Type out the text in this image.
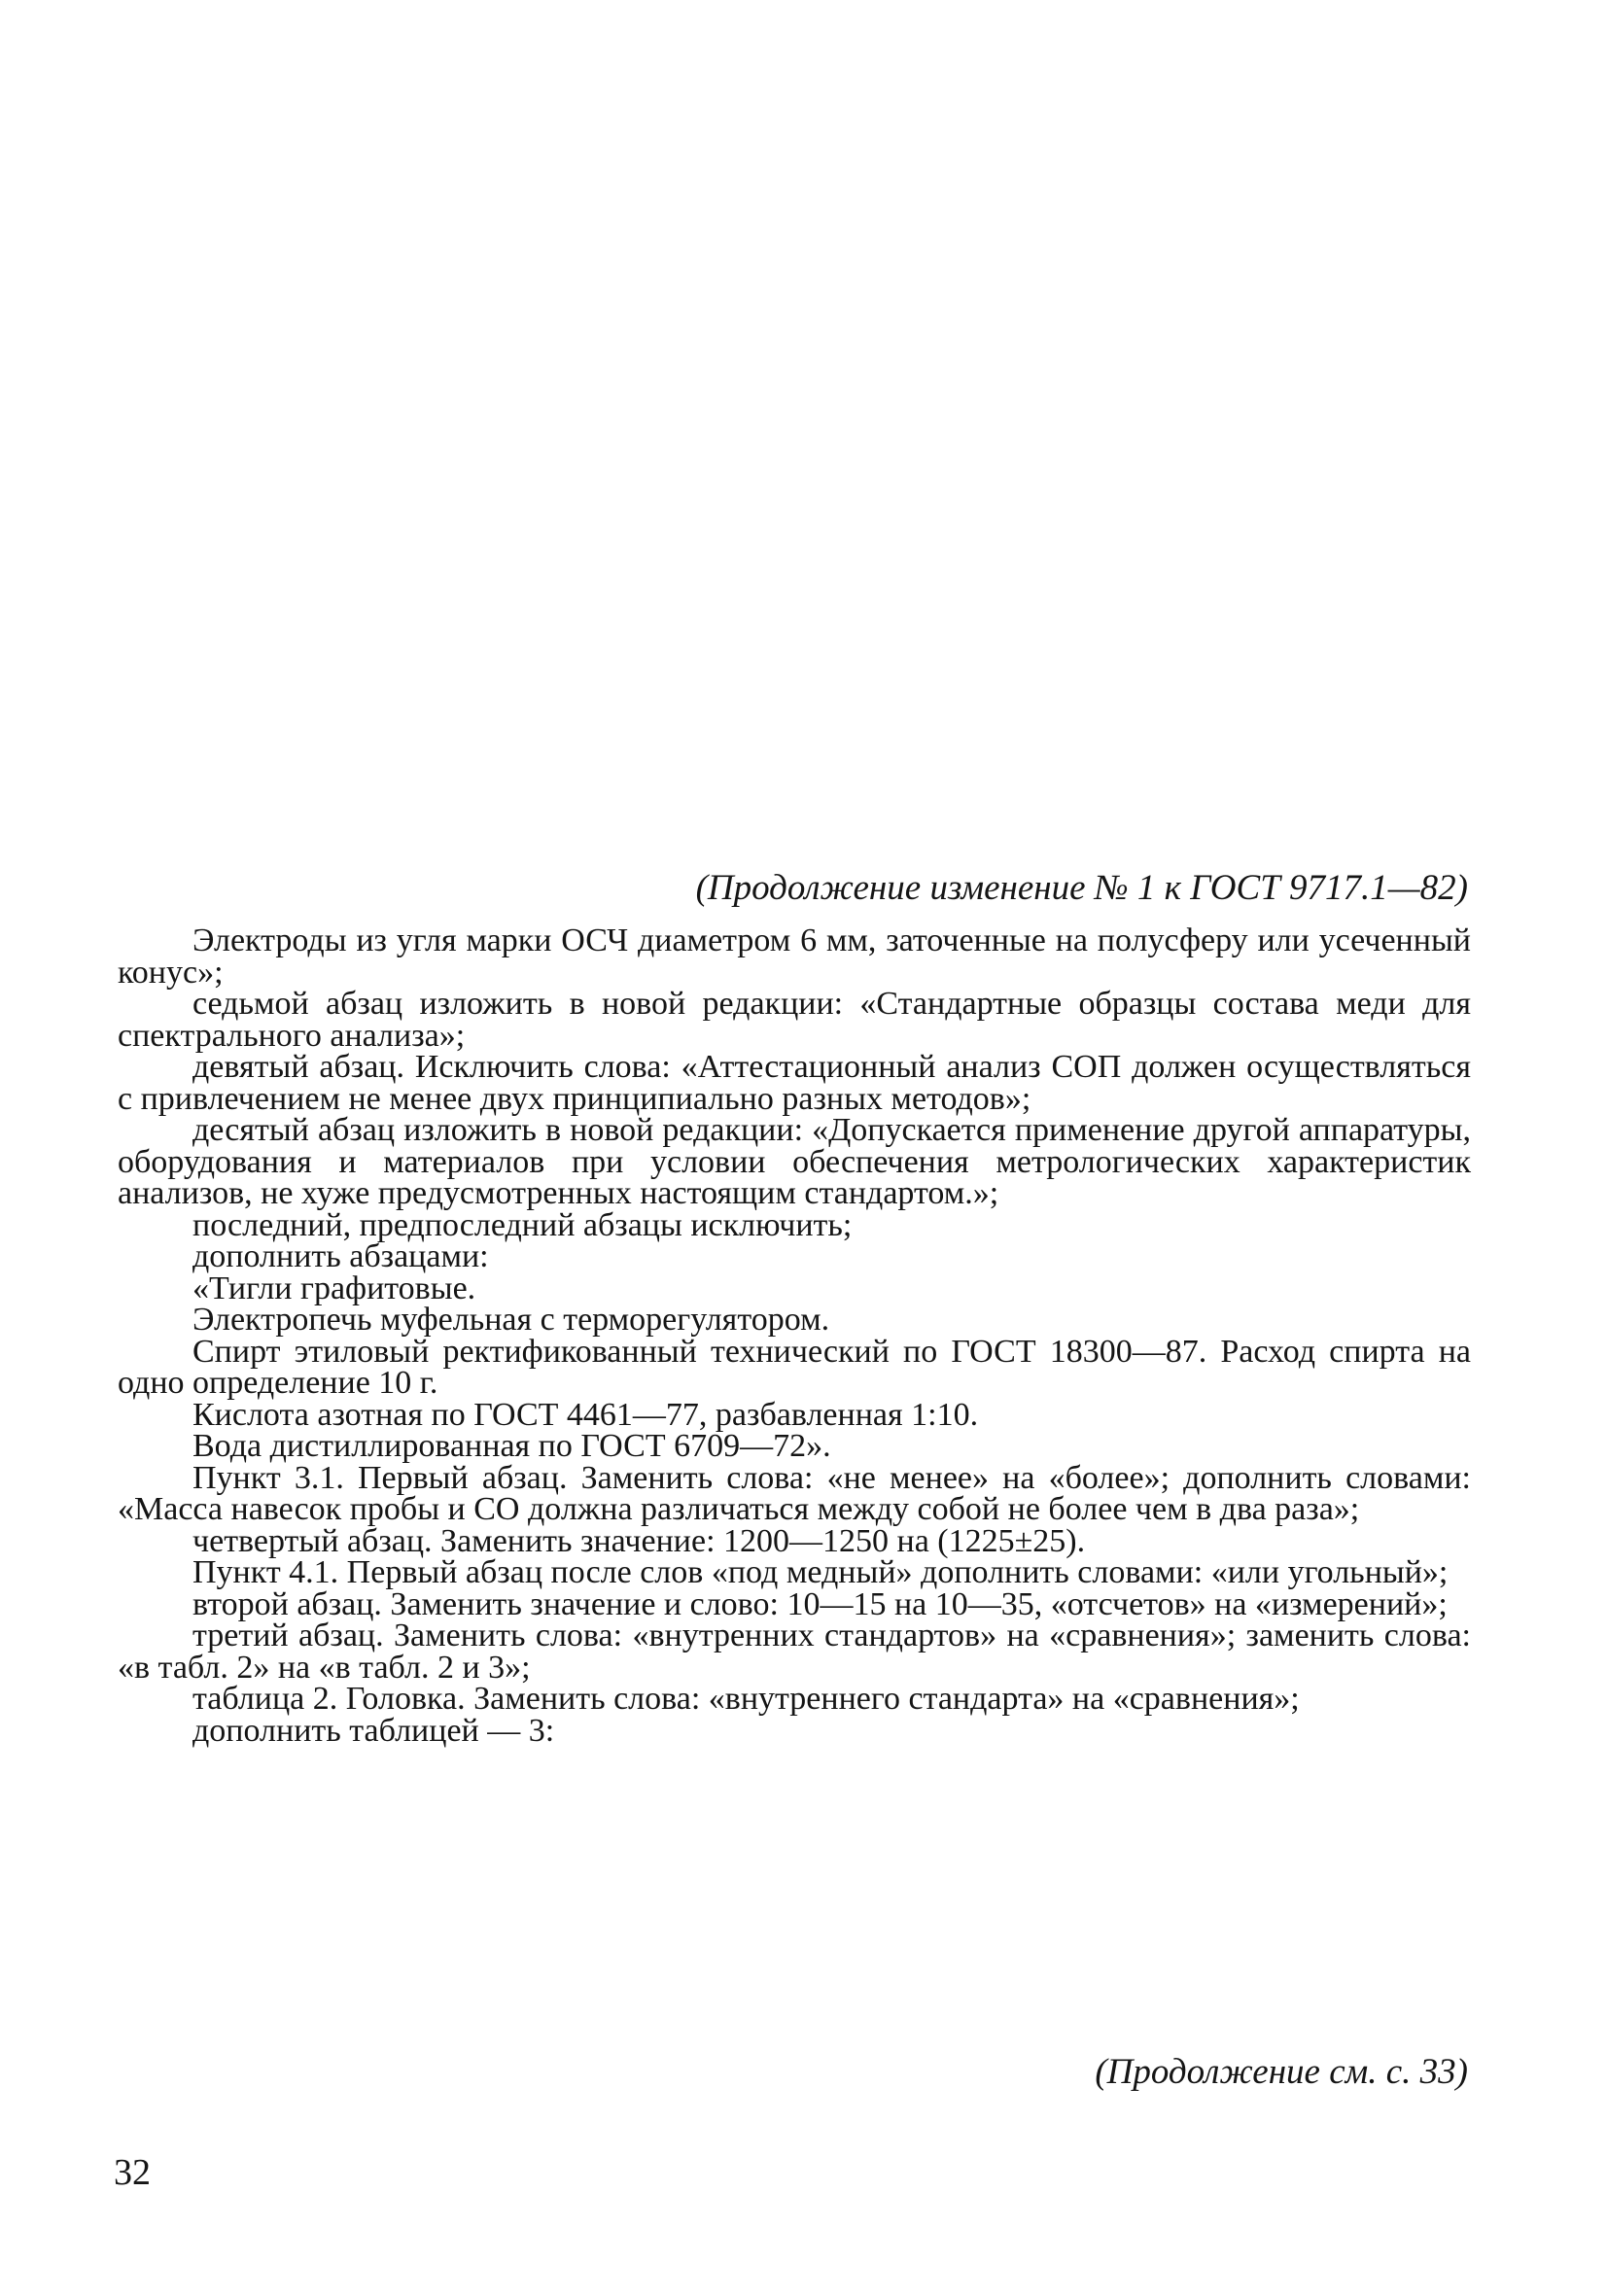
(Продолжение изменение № 1 к ГОСТ 9717.1—82)

Электроды из угля марки ОСЧ диаметром 6 мм, заточенные на полусферу или усеченный конус»;

седьмой абзац изложить в новой редакции: «Стандартные образцы состава меди для спектрального анализа»;

девятый абзац. Исключить слова: «Аттестационный анализ СОП должен осуществляться с привлечением не менее двух принципиально разных методов»;

десятый абзац изложить в новой редакции: «Допускается применение другой аппаратуры, оборудования и материалов при условии обеспечения метрологических характеристик анализов, не хуже предусмотренных настоящим стандартом.»;

последний, предпоследний абзацы исключить;

дополнить абзацами:

«Тигли графитовые.

Электропечь муфельная с терморегулятором.

Спирт этиловый ректификованный технический по ГОСТ 18300—87. Расход спирта на одно определение 10 г.

Кислота азотная по ГОСТ 4461—77, разбавленная 1:10.

Вода дистиллированная по ГОСТ 6709—72».

Пункт 3.1. Первый абзац. Заменить слова: «не менее» на «более»; дополнить словами: «Масса навесок пробы и СО должна различаться между собой не более чем в два раза»;

четвертый абзац. Заменить значение: 1200—1250 на (1225±25).

Пункт 4.1. Первый абзац после слов «под медный» дополнить словами: «или угольный»;

второй абзац. Заменить значение и слово: 10—15 на 10—35, «отсчетов» на «измерений»;

третий абзац. Заменить слова: «внутренних стандартов» на «сравнения»; заменить слова: «в табл. 2» на «в табл. 2 и 3»;

таблица 2. Головка. Заменить слова: «внутреннего стандарта» на «сравнения»;

дополнить таблицей — 3:

(Продолжение см. с. 33)
32
